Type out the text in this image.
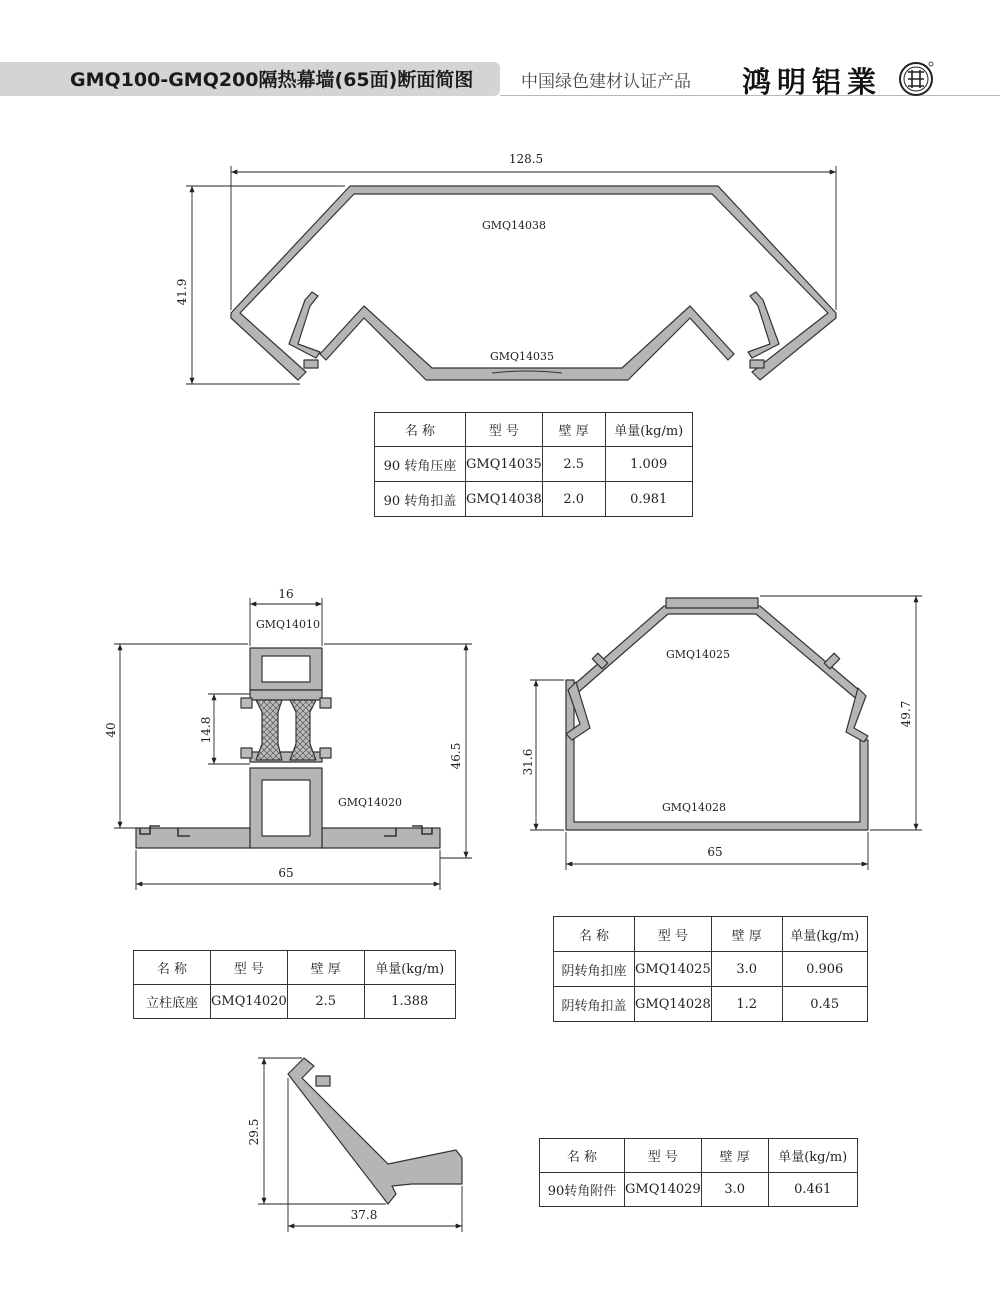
GMQ100-GMQ200隔热幕墙(65面)断面简图	中国绿色建材认证产品 鸿明铝業
128.5
41.9
GMQ14038
GMQ14035
16
40	14.8
46.5
65
GMQ14010
GMQ14020
31.6
49.7
65
GMQ14025
GMQ14028
29.5
37.8
名 称	型 号	壁 厚	单量(kg/m)
90 转角压座	GMQ14035	2.5	1.009
90 转角扣盖	GMQ14038	2.0	0.981
名 称	型 号	壁 厚	单量(kg/m)
立柱底座	GMQ14020	2.5	1.388
名 称	型 号	壁 厚	单量(kg/m)
阴转角扣座	GMQ14025	3.0	0.906
阴转角扣盖	GMQ14028	1.2	0.45
名 称	型 号	壁 厚	单量(kg/m)
90转角附件	GMQ14029	3.0	0.461
